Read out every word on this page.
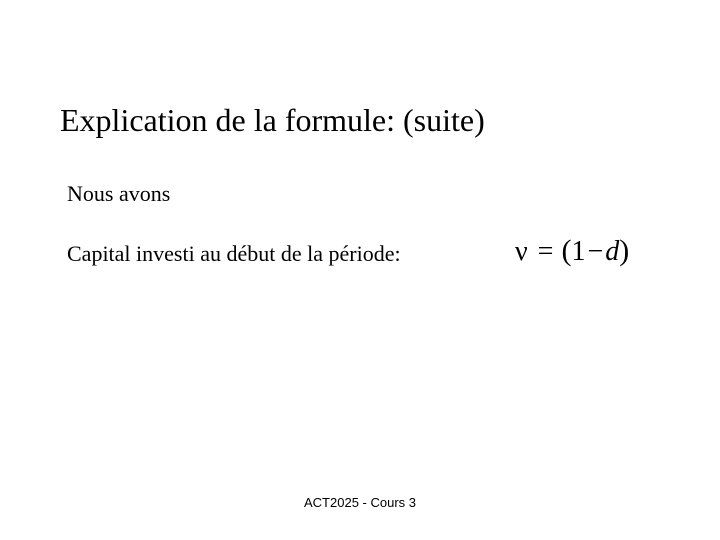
Explication de la formule: (suite)
Nous avons
Capital investi au début de la période:	ν = (1−d)
ACT2025 - Cours 3
